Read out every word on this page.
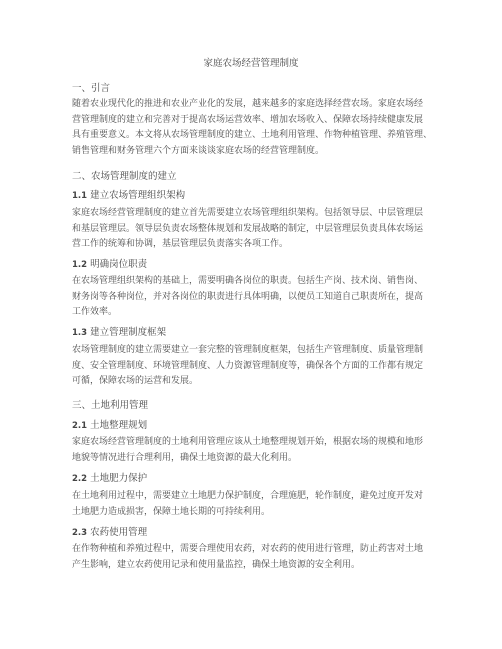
家庭农场经营管理制度
一、引言
随着农业现代化的推进和农业产业化的发展，越来越多的家庭选择经营农场。家庭农场经
营管理制度的建立和完善对于提高农场运营效率、增加农场收入、保障农场持续健康发展
具有重要意义。本文将从农场管理制度的建立、土地利用管理、作物种植管理、养殖管理、
销售管理和财务管理六个方面来谈谈家庭农场的经营管理制度。
二、农场管理制度的建立
1.1 建立农场管理组织架构
家庭农场经营管理制度的建立首先需要建立农场管理组织架构。包括领导层、中层管理层
和基层管理层。领导层负责农场整体规划和发展战略的制定，中层管理层负责具体农场运
营工作的统筹和协调，基层管理层负责落实各项工作。
1.2 明确岗位职责
在农场管理组织架构的基础上，需要明确各岗位的职责。包括生产岗、技术岗、销售岗、
财务岗等各种岗位，并对各岗位的职责进行具体明确，以便员工知道自己职责所在，提高
工作效率。
1.3 建立管理制度框架
农场管理制度的建立需要建立一套完整的管理制度框架，包括生产管理制度、质量管理制
度、安全管理制度、环境管理制度、人力资源管理制度等，确保各个方面的工作都有规定
可循，保障农场的运营和发展。
三、土地利用管理
2.1 土地整理规划
家庭农场经营管理制度的土地利用管理应该从土地整理规划开始，根据农场的规模和地形
地貌等情况进行合理利用，确保土地资源的最大化利用。
2.2 土地肥力保护
在土地利用过程中，需要建立土地肥力保护制度，合理施肥，轮作制度，避免过度开发对
土地肥力造成损害，保障土地长期的可持续利用。
2.3 农药使用管理
在作物种植和养殖过程中，需要合理使用农药，对农药的使用进行管理，防止药害对土地
产生影响，建立农药使用记录和使用量监控，确保土地资源的安全利用。
